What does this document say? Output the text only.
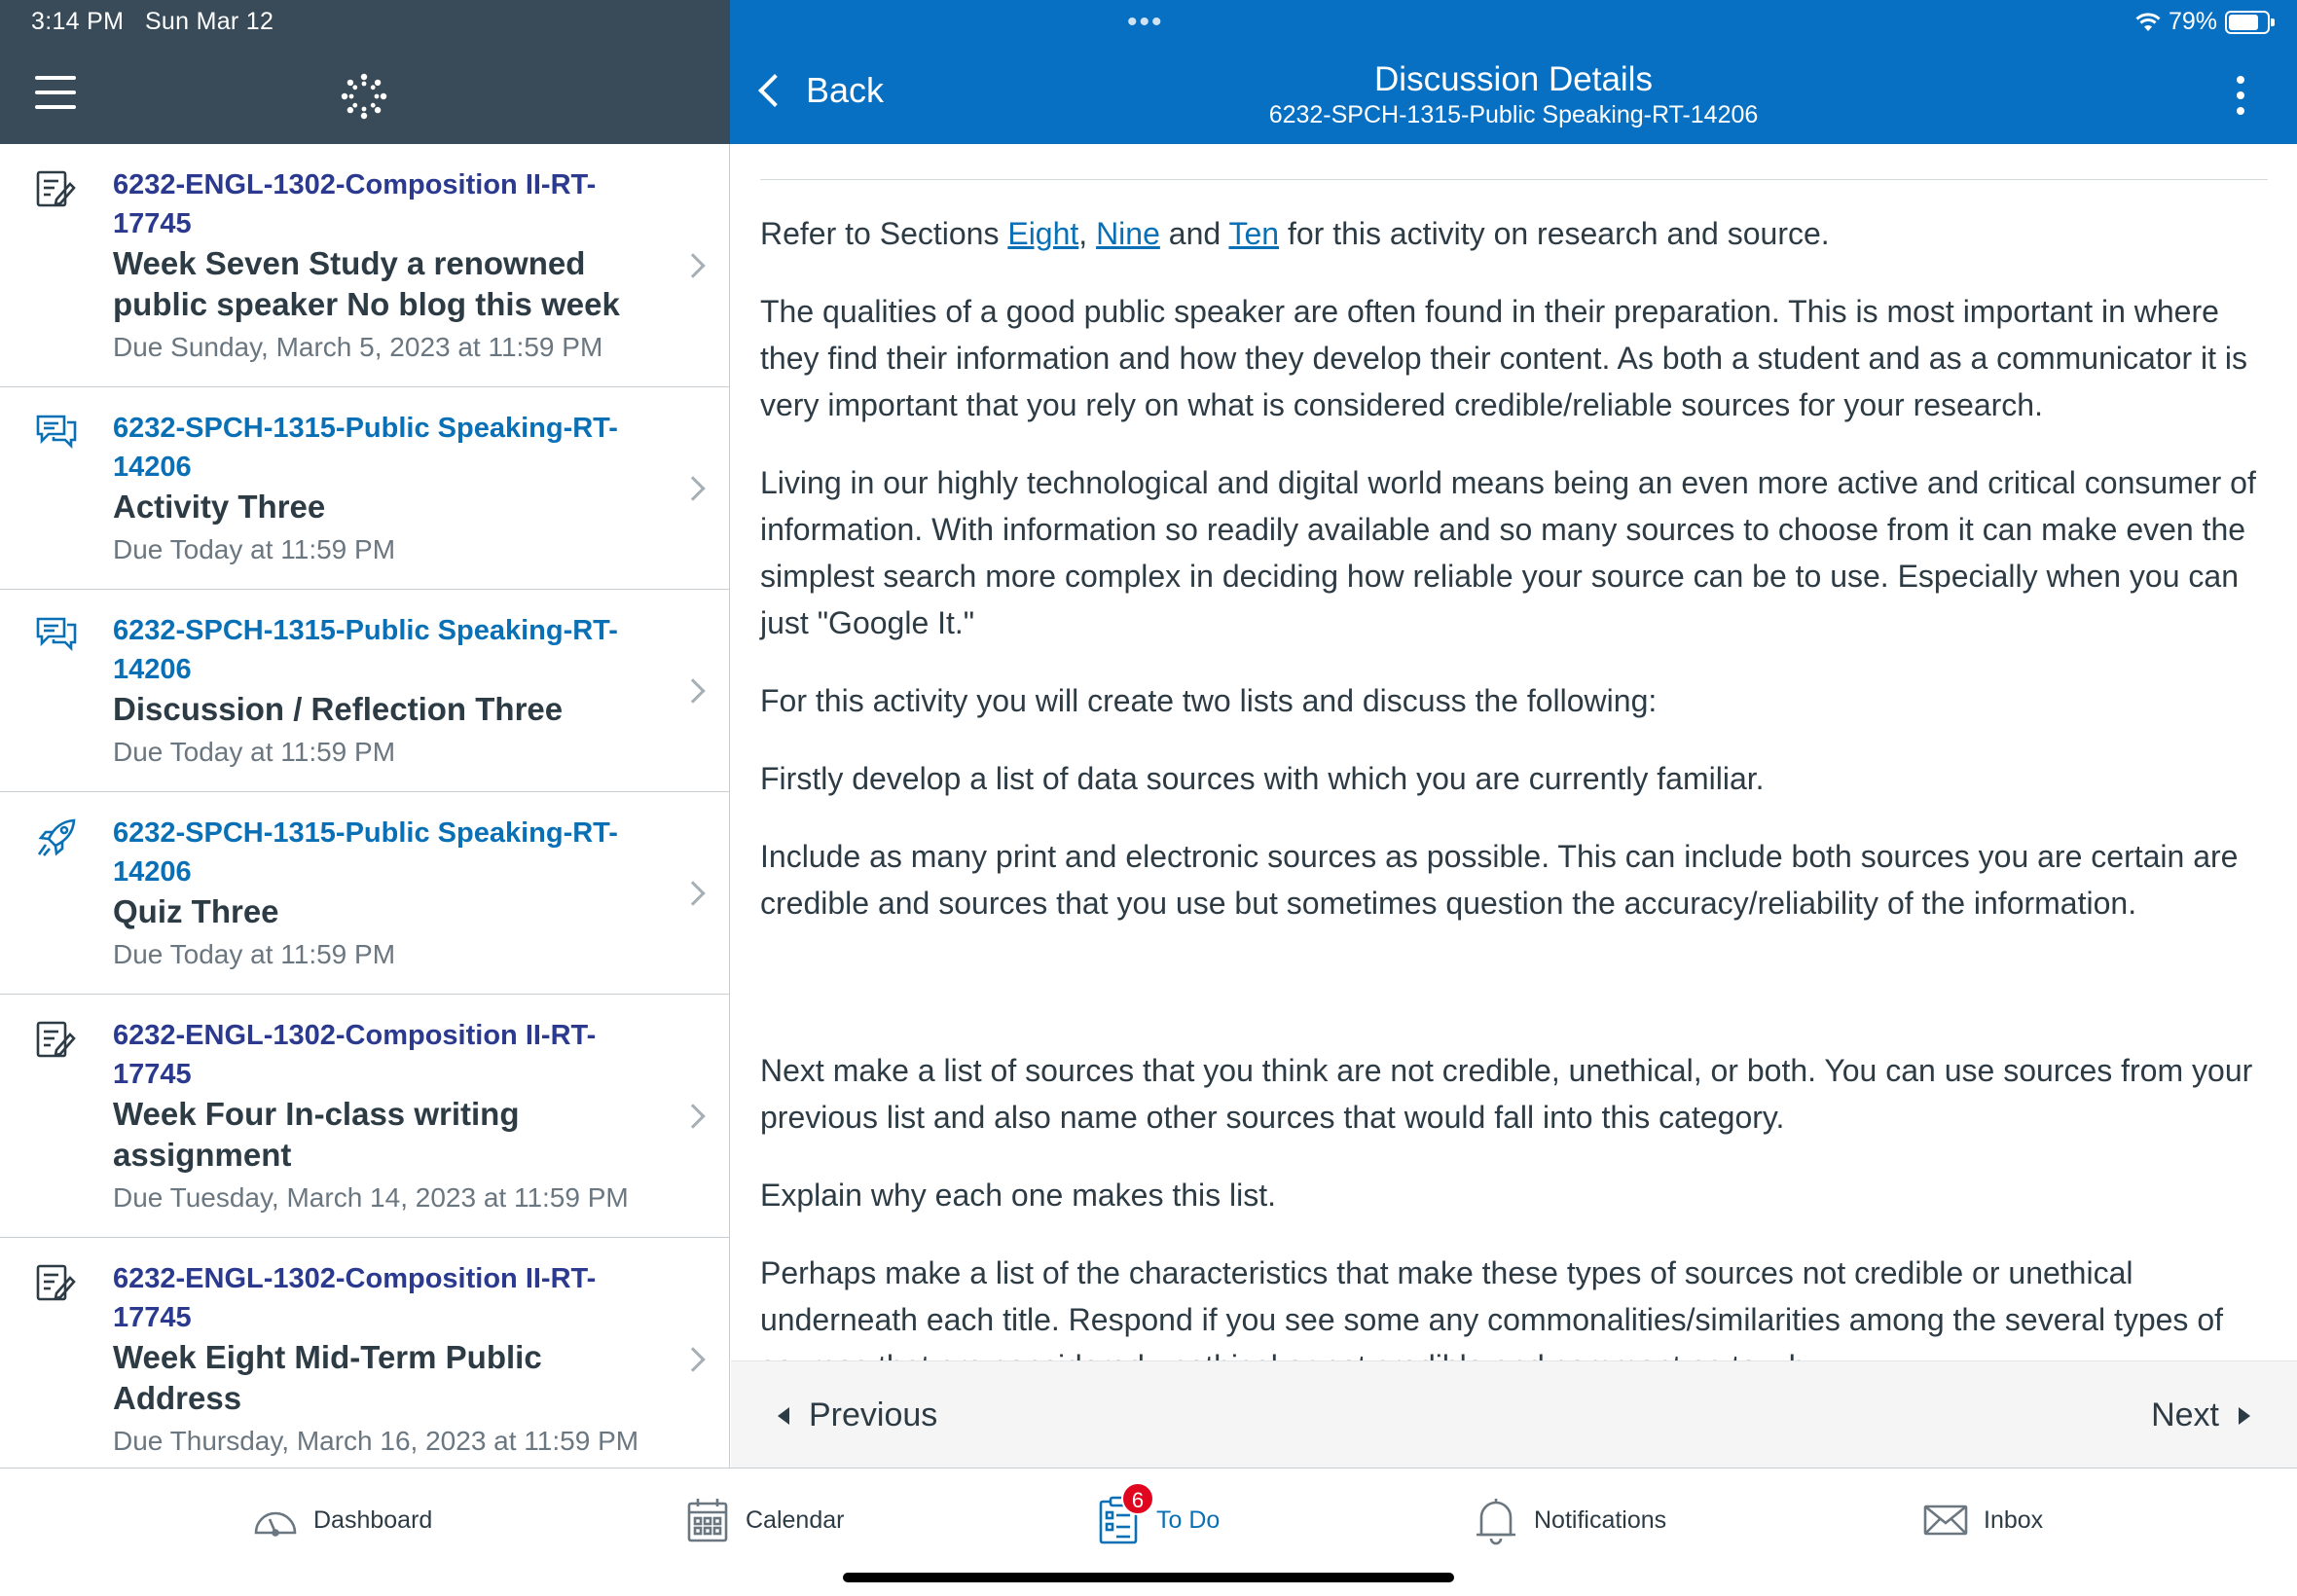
3:14 PM Sun Mar 12
6232-ENGL-1302-Composition II-RT-17745
Week Seven Study a renowned public speaker No blog this week
Due Sunday, March 5, 2023 at 11:59 PM
6232-SPCH-1315-Public Speaking-RT-14206
Activity Three
Due Today at 11:59 PM
6232-SPCH-1315-Public Speaking-RT-14206
Discussion / Reflection Three
Due Today at 11:59 PM
6232-SPCH-1315-Public Speaking-RT-14206
Quiz Three
Due Today at 11:59 PM
6232-ENGL-1302-Composition II-RT-17745
Week Four In-class writing assignment
Due Tuesday, March 14, 2023 at 11:59 PM
6232-ENGL-1302-Composition II-RT-17745
Week Eight Mid-Term Public Address
Due Thursday, March 16, 2023 at 11:59 PM
•••	79%
Back	Discussion Details
6232-SPCH-1315-Public Speaking-RT-14206

Refer to Sections Eight, Nine and Ten for this activity on research and source.

The qualities of a good public speaker are often found in their preparation. This is most important in where they find their information and how they develop their content. As both a student and as a communicator it is very important that you rely on what is considered credible/reliable sources for your research.

Living in our highly technological and digital world means being an even more active and critical consumer of information. With information so readily available and so many sources to choose from it can make even the simplest search more complex in deciding how reliable your source can be to use. Especially when you can just "Google It."

For this activity you will create two lists and discuss the following:

Firstly develop a list of data sources with which you are currently familiar.

Include as many print and electronic sources as possible. This can include both sources you are certain are credible and sources that you use but sometimes question the accuracy/reliability of the information.

Next make a list of sources that you think are not credible, unethical, or both. You can use sources from your previous list and also name other sources that would fall into this category.

Explain why each one makes this list.

Perhaps make a list of the characteristics that make these types of sources not credible or unethical underneath each title. Respond if you see some any commonalities/similarities among the several types of

Previous	Next
Dashboard	Calendar	To Do
6
Notifications	Inbox
